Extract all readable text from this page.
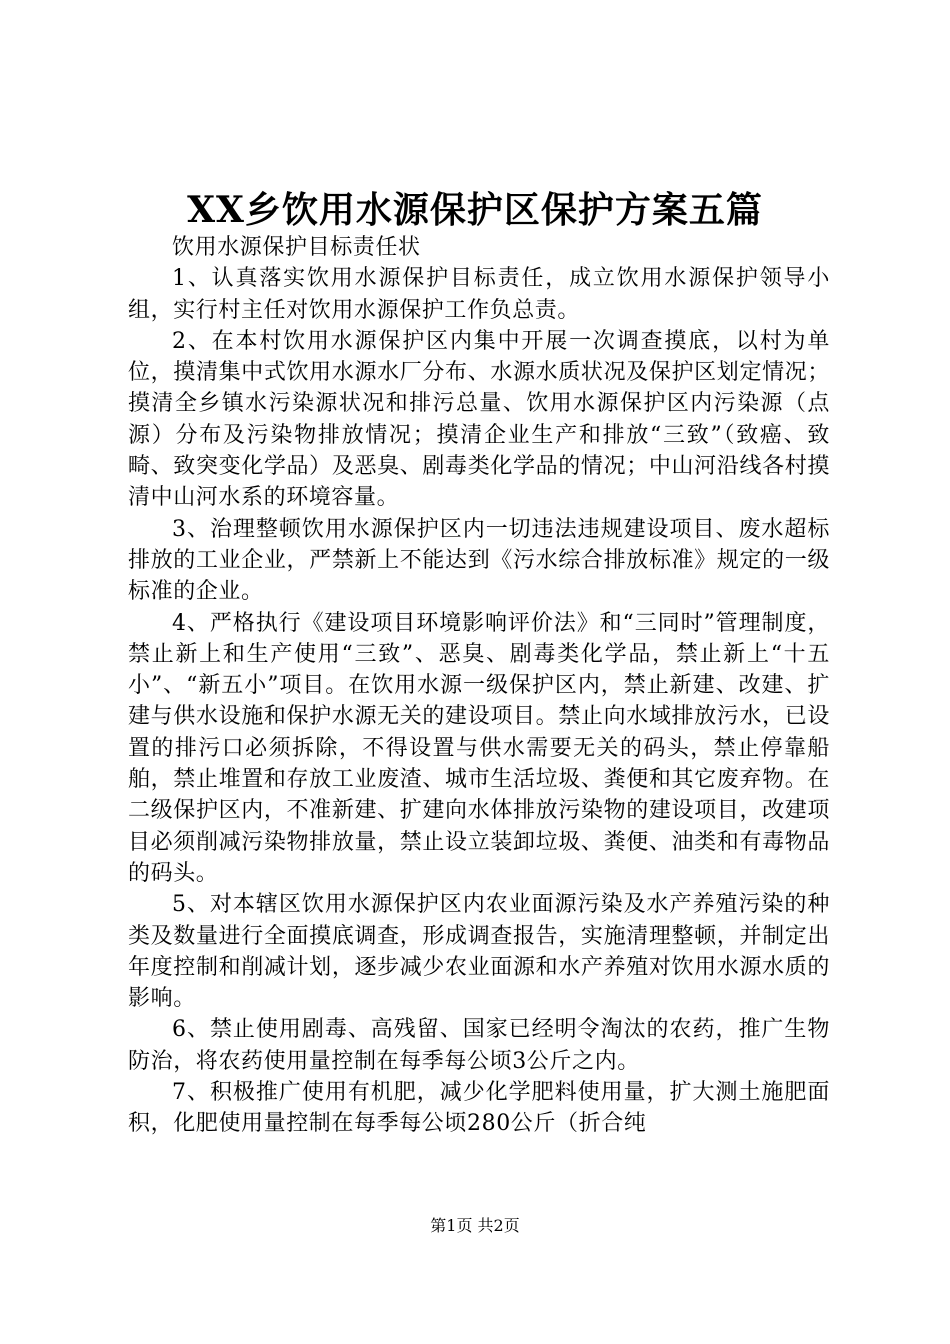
XX乡饮用水源保护区保护方案五篇

饮用水源保护目标责任状

1、认真落实饮用水源保护目标责任，成立饮用水源保护领导小组，实行村主任对饮用水源保护工作负总责。

2、在本村饮用水源保护区内集中开展一次调查摸底，以村为单位，摸清集中式饮用水源水厂分布、水源水质状况及保护区划定情况；摸清全乡镇水污染源状况和排污总量、饮用水源保护区内污染源（点源）分布及污染物排放情况；摸清企业生产和排放“三致”（致癌、致畸、致突变化学品）及恶臭、剧毒类化学品的情况；中山河沿线各村摸清中山河水系的环境容量。

3、治理整顿饮用水源保护区内一切违法违规建设项目、废水超标排放的工业企业，严禁新上不能达到《污水综合排放标准》规定的一级标准的企业。

4、严格执行《建设项目环境影响评价法》和“三同时”管理制度，禁止新上和生产使用“三致”、恶臭、剧毒类化学品，禁止新上“十五小”、“新五小”项目。在饮用水源一级保护区内，禁止新建、改建、扩建与供水设施和保护水源无关的建设项目。禁止向水域排放污水，已设置的排污口必须拆除，不得设置与供水需要无关的码头，禁止停靠船舶，禁止堆置和存放工业废渣、城市生活垃圾、粪便和其它废弃物。在二级保护区内，不准新建、扩建向水体排放污染物的建设项目，改建项目必须削减污染物排放量，禁止设立装卸垃圾、粪便、油类和有毒物品的码头。

5、对本辖区饮用水源保护区内农业面源污染及水产养殖污染的种类及数量进行全面摸底调查，形成调查报告，实施清理整顿，并制定出年度控制和削减计划，逐步减少农业面源和水产养殖对饮用水源水质的影响。

6、禁止使用剧毒、高残留、国家已经明令淘汰的农药，推广生物防治，将农药使用量控制在每季每公顷3公斤之内。

7、积极推广使用有机肥，减少化学肥料使用量，扩大测土施肥面积，化肥使用量控制在每季每公顷280公斤（折合纯

第1页 共2页
